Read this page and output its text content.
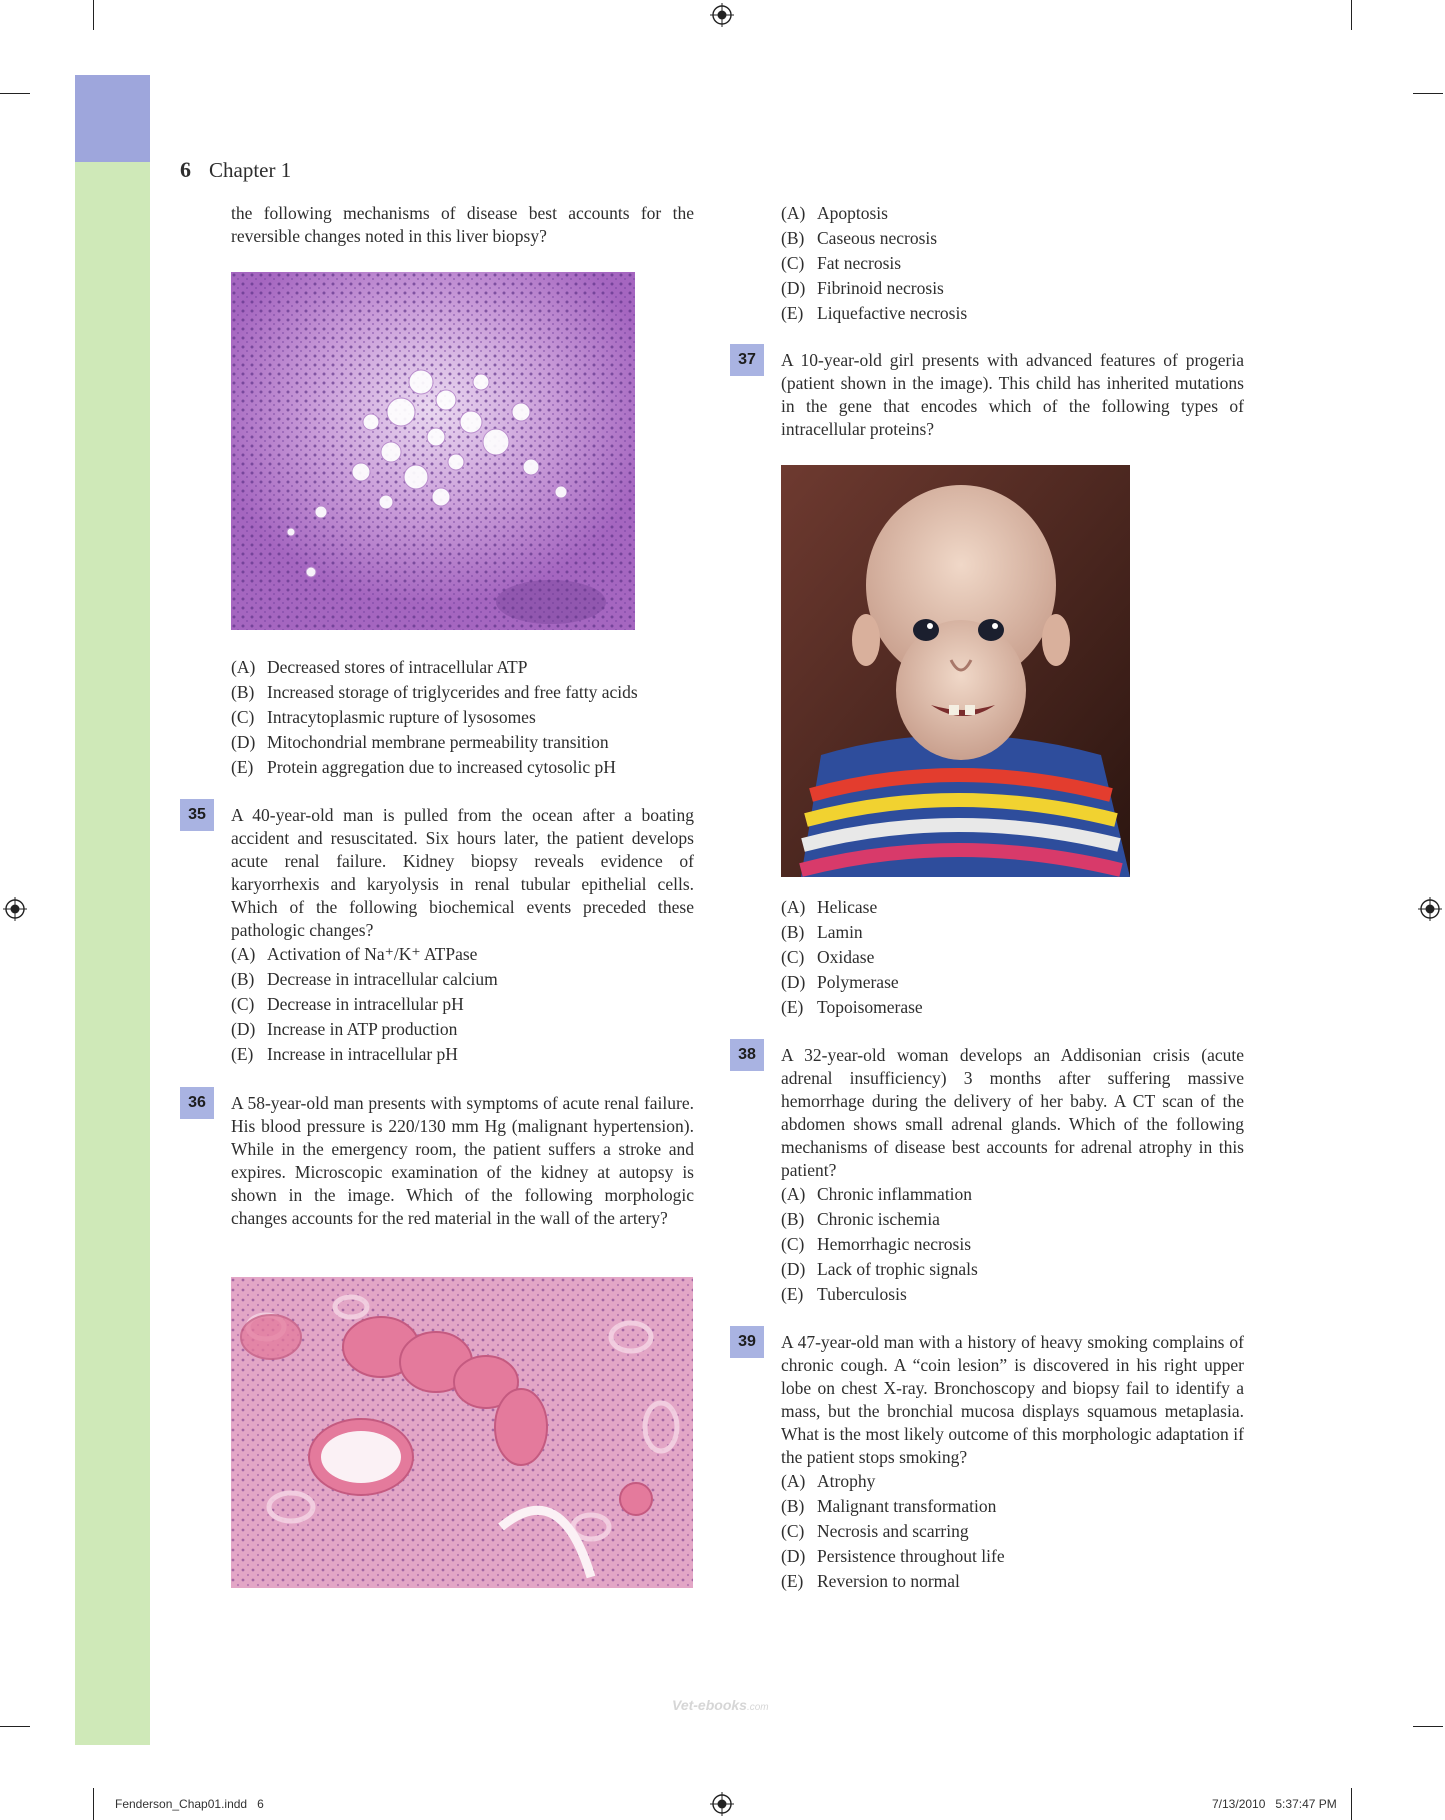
6 Chapter 1

the following mechanisms of disease best accounts for the reversible changes noted in this liver biopsy?

(A) Decreased stores of intracellular ATP
(B) Increased storage of triglycerides and free fatty acids
(C) Intracytoplasmic rupture of lysosomes
(D) Mitochondrial membrane permeability transition
(E) Protein aggregation due to increased cytosolic pH
35	A 40-year-old man is pulled from the ocean after a boating accident and resuscitated. Six hours later, the patient develops acute renal failure. Kidney biopsy reveals evidence of karyorrhexis and karyolysis in renal tubular epithelial cells. Which of the following biochemical events preceded these pathologic changes?

(A) Activation of Na⁺/K⁺ ATPase
(B) Decrease in intracellular calcium
(C) Decrease in intracellular pH
(D) Increase in ATP production
(E) Increase in intracellular pH
36	A 58-year-old man presents with symptoms of acute renal failure. His blood pressure is 220/130 mm Hg (malignant hypertension). While in the emergency room, the patient suffers a stroke and expires. Microscopic examination of the kidney at autopsy is shown in the image. Which of the following morphologic changes accounts for the red material in the wall of the artery?

(A) Apoptosis
(B) Caseous necrosis
(C) Fat necrosis
(D) Fibrinoid necrosis
(E) Liquefactive necrosis
37	A 10-year-old girl presents with advanced features of progeria (patient shown in the image). This child has inherited mutations in the gene that encodes which of the following types of intracellular proteins?

(A) Helicase
(B) Lamin
(C) Oxidase
(D) Polymerase
(E) Topoisomerase
38	A 32-year-old woman develops an Addisonian crisis (acute adrenal insufficiency) 3 months after suffering massive hemorrhage during the delivery of her baby. A CT scan of the abdomen shows small adrenal glands. Which of the following mechanisms of disease best accounts for adrenal atrophy in this patient?

(A) Chronic inflammation
(B) Chronic ischemia
(C) Hemorrhagic necrosis
(D) Lack of trophic signals
(E) Tuberculosis
39	A 47-year-old man with a history of heavy smoking complains of chronic cough. A “coin lesion” is discovered in his right upper lobe on chest X-ray. Bronchoscopy and biopsy fail to identify a mass, but the bronchial mucosa displays squamous metaplasia. What is the most likely outcome of this morphologic adaptation if the patient stops smoking?

(A) Atrophy
(B) Malignant transformation
(C) Necrosis and scarring
(D) Persistence throughout life
(E) Reversion to normal
Vet-ebooks.com
Fenderson_Chap01.indd   6	7/13/2010   5:37:47 PM
